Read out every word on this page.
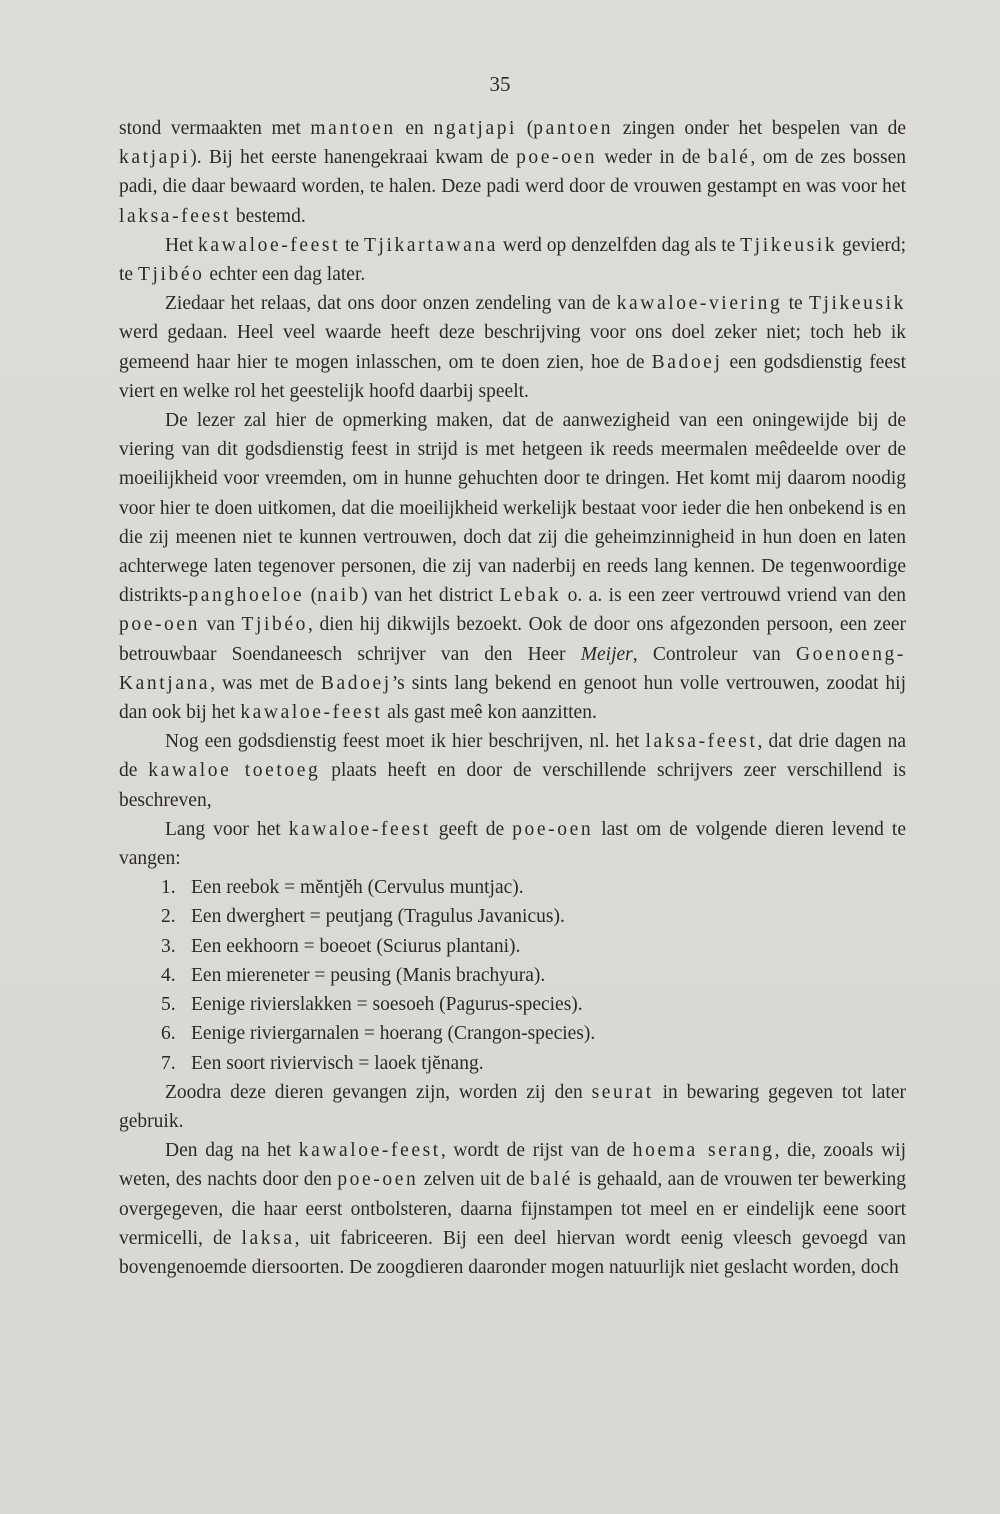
35

stond vermaakten met mantoen en ngatjapi (pantoen zingen onder het bespelen van de katjapi). Bij het eerste hanengekraai kwam de poe-oen weder in de balé, om de zes bossen padi, die daar bewaard worden, te halen. Deze padi werd door de vrouwen gestampt en was voor het laksa-feest bestemd.

Het kawaloe-feest te Tjikartawana werd op denzelfden dag als te Tjikeusik gevierd; te Tjibéo echter een dag later.

Ziedaar het relaas, dat ons door onzen zendeling van de kawaloe-viering te Tjikeusik werd gedaan. Heel veel waarde heeft deze beschrijving voor ons doel zeker niet; toch heb ik gemeend haar hier te mogen inlasschen, om te doen zien, hoe de Badoej een godsdienstig feest viert en welke rol het geestelijk hoofd daarbij speelt.

De lezer zal hier de opmerking maken, dat de aanwezigheid van een oningewijde bij de viering van dit godsdienstig feest in strijd is met hetgeen ik reeds meermalen meêdeelde over de moeilijkheid voor vreemden, om in hunne gehuchten door te dringen. Het komt mij daarom noodig voor hier te doen uitkomen, dat die moeilijkheid werkelijk bestaat voor ieder die hen onbekend is en die zij meenen niet te kunnen vertrouwen, doch dat zij die geheimzinnigheid in hun doen en laten achterwege laten tegenover personen, die zij van naderbij en reeds lang kennen. De tegenwoordige distrikts-panghoeloe (naib) van het district Lebak o. a. is een zeer vertrouwd vriend van den poe-oen van Tjibéo, dien hij dikwijls bezoekt. Ook de door ons afgezonden persoon, een zeer betrouwbaar Soendaneesch schrijver van den Heer Meijer, Controleur van Goenoeng-Kantjana, was met de Badoej’s sints lang bekend en genoot hun volle vertrouwen, zoodat hij dan ook bij het kawaloe-feest als gast meê kon aanzitten.

Nog een godsdienstig feest moet ik hier beschrijven, nl. het laksa-feest, dat drie dagen na de kawaloe toetoeg plaats heeft en door de verschillende schrijvers zeer verschillend is beschreven,

Lang voor het kawaloe-feest geeft de poe-oen last om de volgende dieren levend te vangen:

1. Een reebok = mĕntjĕh (Cervulus muntjac).
2. Een dwerghert = peutjang (Tragulus Javanicus).
3. Een eekhoorn = boeoet (Sciurus plantani).
4. Een miereneter = peusing (Manis brachyura).
5. Eenige rivierslakken = soesoeh (Pagurus-species).
6. Eenige riviergarnalen = hoerang (Crangon-species).
7. Een soort riviervisch = laoek tjĕnang.

Zoodra deze dieren gevangen zijn, worden zij den seurat in bewaring gegeven tot later gebruik.

Den dag na het kawaloe-feest, wordt de rijst van de hoema serang, die, zooals wij weten, des nachts door den poe-oen zelven uit de balé is gehaald, aan de vrouwen ter bewerking overgegeven, die haar eerst ontbolsteren, daarna fijnstampen tot meel en er eindelijk eene soort vermicelli, de laksa, uit fabriceeren. Bij een deel hiervan wordt eenig vleesch gevoegd van bovengenoemde diersoorten. De zoogdieren daaronder mogen natuurlijk niet geslacht worden, doch
